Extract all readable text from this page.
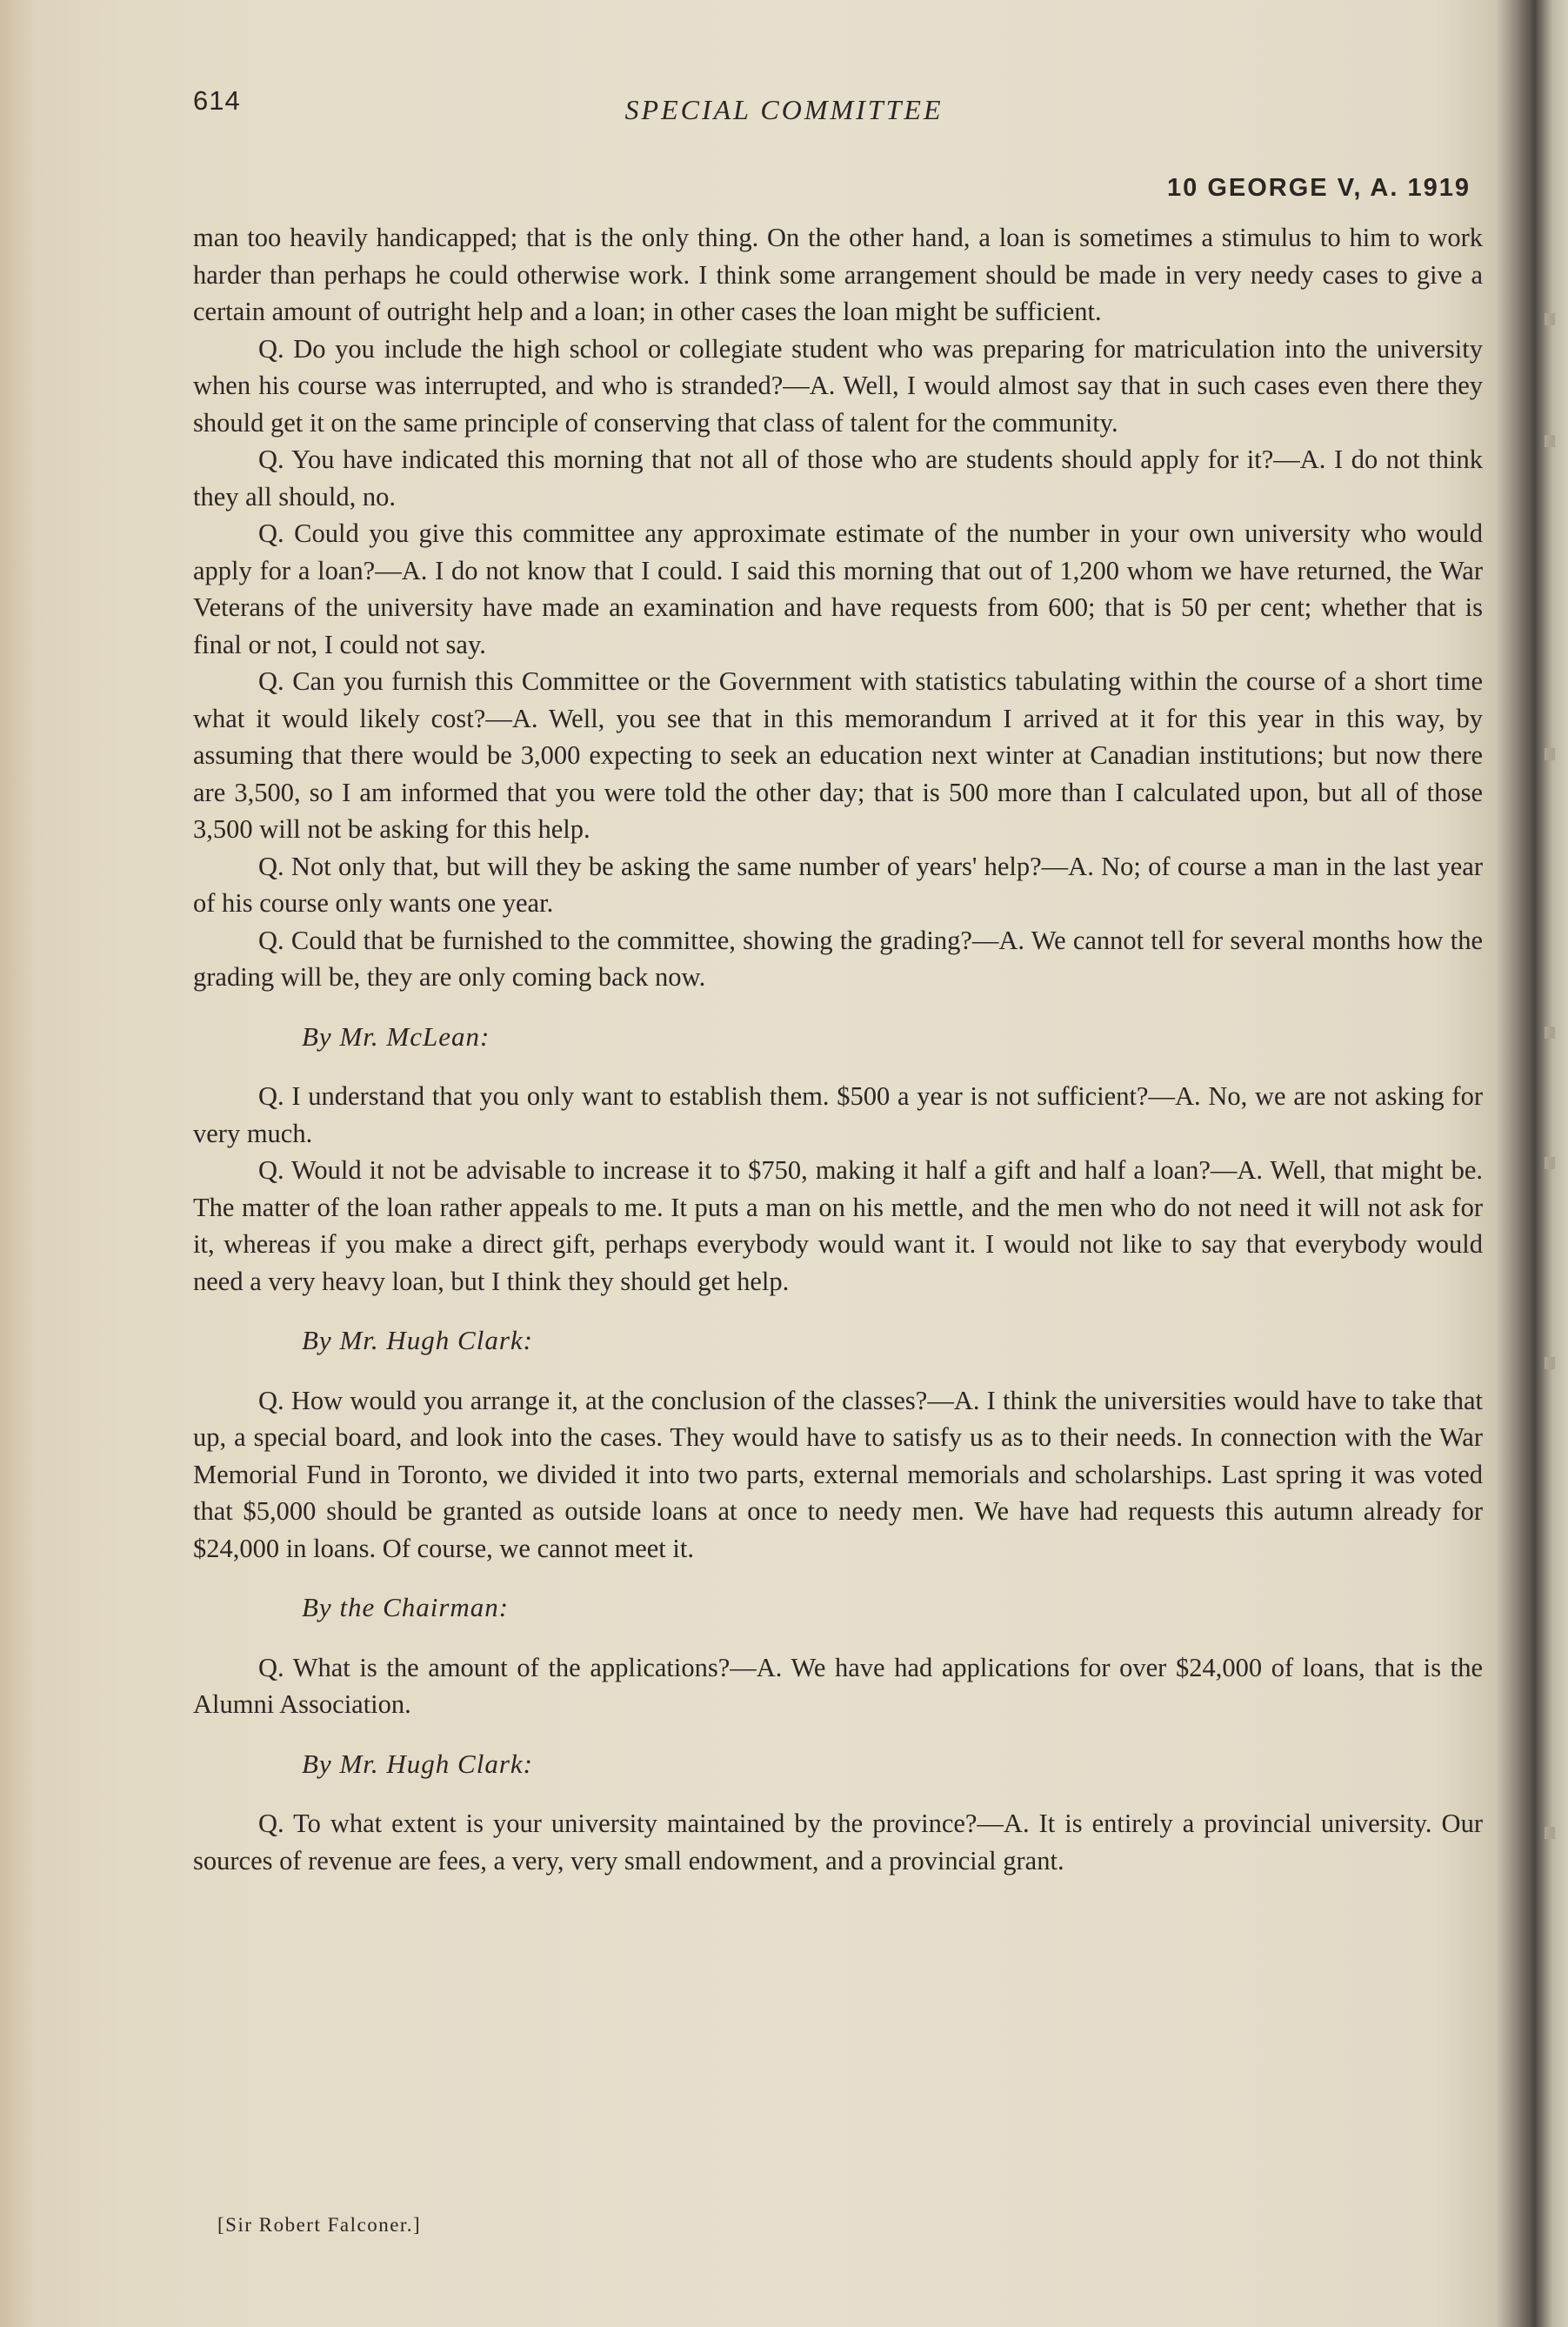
614	SPECIAL COMMITTEE
10 GEORGE V, A. 1919

man too heavily handicapped; that is the only thing. On the other hand, a loan is sometimes a stimulus to him to work harder than perhaps he could otherwise work. I think some arrangement should be made in very needy cases to give a certain amount of outright help and a loan; in other cases the loan might be sufficient.

Q. Do you include the high school or collegiate student who was preparing for matriculation into the university when his course was interrupted, and who is stranded?—A. Well, I would almost say that in such cases even there they should get it on the same principle of conserving that class of talent for the community.

Q. You have indicated this morning that not all of those who are students should apply for it?—A. I do not think they all should, no.

Q. Could you give this committee any approximate estimate of the number in your own university who would apply for a loan?—A. I do not know that I could. I said this morning that out of 1,200 whom we have returned, the War Veterans of the university have made an examination and have requests from 600; that is 50 per cent; whether that is final or not, I could not say.

Q. Can you furnish this Committee or the Government with statistics tabulating within the course of a short time what it would likely cost?—A. Well, you see that in this memorandum I arrived at it for this year in this way, by assuming that there would be 3,000 expecting to seek an education next winter at Canadian institutions; but now there are 3,500, so I am informed that you were told the other day; that is 500 more than I calculated upon, but all of those 3,500 will not be asking for this help.

Q. Not only that, but will they be asking the same number of years' help?—A. No; of course a man in the last year of his course only wants one year.

Q. Could that be furnished to the committee, showing the grading?—A. We cannot tell for several months how the grading will be, they are only coming back now.

By Mr. McLean:

Q. I understand that you only want to establish them. $500 a year is not sufficient?—A. No, we are not asking for very much.

Q. Would it not be advisable to increase it to $750, making it half a gift and half a loan?—A. Well, that might be. The matter of the loan rather appeals to me. It puts a man on his mettle, and the men who do not need it will not ask for it, whereas if you make a direct gift, perhaps everybody would want it. I would not like to say that everybody would need a very heavy loan, but I think they should get help.

By Mr. Hugh Clark:

Q. How would you arrange it, at the conclusion of the classes?—A. I think the universities would have to take that up, a special board, and look into the cases. They would have to satisfy us as to their needs. In connection with the War Memorial Fund in Toronto, we divided it into two parts, external memorials and scholarships. Last spring it was voted that $5,000 should be granted as outside loans at once to needy men. We have had requests this autumn already for $24,000 in loans. Of course, we cannot meet it.

By the Chairman:

Q. What is the amount of the applications?—A. We have had applications for over $24,000 of loans, that is the Alumni Association.

By Mr. Hugh Clark:

Q. To what extent is your university maintained by the province?—A. It is entirely a provincial university. Our sources of revenue are fees, a very, very small endowment, and a provincial grant.

[Sir Robert Falconer.]
